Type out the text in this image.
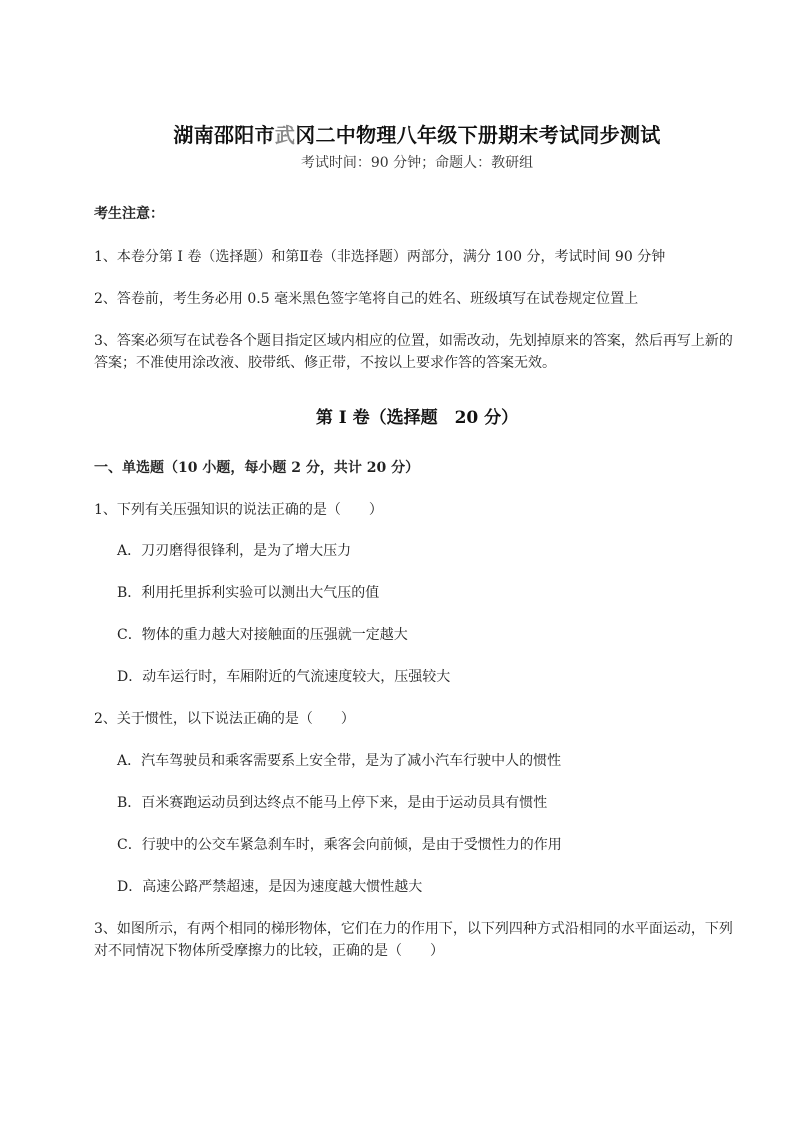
湖南邵阳市武冈二中物理八年级下册期末考试同步测试

考试时间：90 分钟；命题人：教研组

考生注意：

1、本卷分第 I 卷（选择题）和第Ⅱ卷（非选择题）两部分，满分 100 分，考试时间 90 分钟

2、答卷前，考生务必用 0.5 毫米黑色签字笔将自己的姓名、班级填写在试卷规定位置上

3、答案必须写在试卷各个题目指定区域内相应的位置，如需改动，先划掉原来的答案，然后再写上新的答案；不准使用涂改液、胶带纸、修正带，不按以上要求作答的答案无效。

第 I 卷（选择题　20 分）

一、单选题（10 小题，每小题 2 分，共计 20 分）

1、下列有关压强知识的说法正确的是（　　）

A．刀刃磨得很锋利，是为了增大压力
B．利用托里拆利实验可以测出大气压的值
C．物体的重力越大对接触面的压强就一定越大
D．动车运行时，车厢附近的气流速度较大，压强较大

2、关于惯性，以下说法正确的是（　　）

A．汽车驾驶员和乘客需要系上安全带，是为了减小汽车行驶中人的惯性
B．百米赛跑运动员到达终点不能马上停下来，是由于运动员具有惯性
C．行驶中的公交车紧急刹车时，乘客会向前倾，是由于受惯性力的作用
D．高速公路严禁超速，是因为速度越大惯性越大

3、如图所示，有两个相同的梯形物体，它们在力的作用下，以下列四种方式沿相同的水平面运动，下列对不同情况下物体所受摩擦力的比较，正确的是（　　）
